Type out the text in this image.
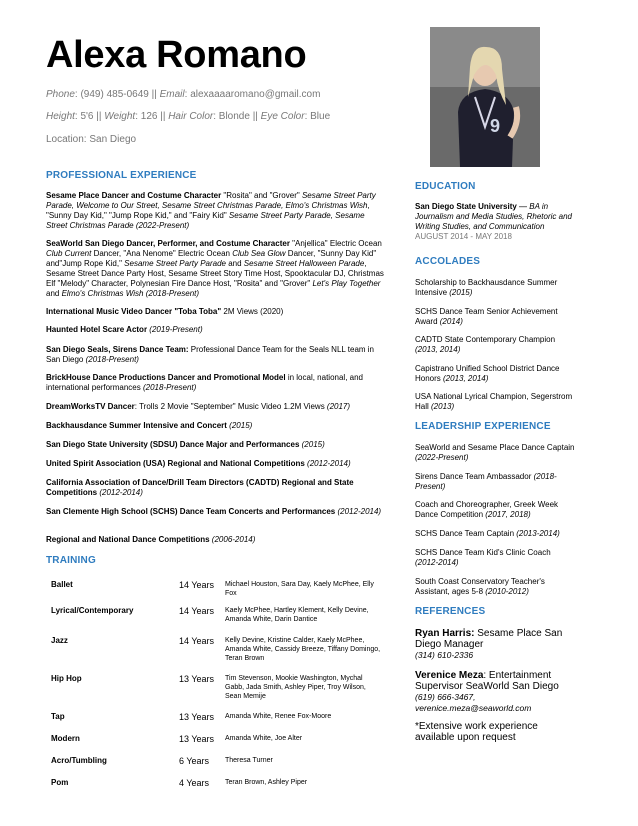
Alexa Romano
Phone: (949) 485-0649 || Email: alexaaaaromano@gmail.com
Height: 5'6 || Weight: 126 || Hair Color: Blonde || Eye Color: Blue
Location: San Diego
9
PROFESSIONAL EXPERIENCE
Sesame Place Dancer and Costume Character "Rosita" and "Grover" Sesame Street Party Parade, Welcome to Our Street, Sesame Street Christmas Parade, Elmo's Christmas Wish, "Sunny Day Kid," "Jump Rope Kid," and "Fairy Kid" Sesame Street Party Parade, Sesame Street Christmas Parade (2022-Present)
SeaWorld San Diego Dancer, Performer, and Costume Character "Anjellica" Electric Ocean Club Current Dancer, "Ana Nenome" Electric Ocean Club Sea Glow Dancer, "Sunny Day Kid" and"Jump Rope Kid," Sesame Street Party Parade and Sesame Street Halloween Parade, Sesame Street Dance Party Host, Sesame Street Story Time Host, Spooktacular DJ, Christmas Elf "Melody" Character, Polynesian Fire Dance Host, "Rosita" and "Grover" Let's Play Together and Elmo's Christmas Wish (2018-Present)
International Music Video Dancer "Toba Toba" 2M Views (2020)
Haunted Hotel Scare Actor (2019-Present)
San Diego Seals, Sirens Dance Team: Professional Dance Team for the Seals NLL team in San Diego (2018-Present)
BrickHouse Dance Productions Dancer and Promotional Model in local, national, and international performances (2018-Present)
DreamWorksTV Dancer: Trolls 2 Movie "September" Music Video 1.2M Views (2017)
Backhausdance Summer Intensive and Concert (2015)
San Diego State University (SDSU) Dance Major and Performances (2015)
United Spirit Association (USA) Regional and National Competitions (2012-2014)
California Association of Dance/Drill Team Directors (CADTD) Regional and State Competitions (2012-2014)
San Clemente High School (SCHS) Dance Team Concerts and Performances (2012-2014)
Regional and National Dance Competitions (2006-2014)
TRAINING
Ballet	14 Years	Michael Houston, Sara Day, Kaely McPhee, Elly Fox
Lyrical/Contemporary	14 Years	Kaely McPhee, Hartley Klement, Kelly Devine, Amanda White, Darin Dantice
Jazz	14 Years	Kelly Devine, Kristine Calder, Kaely McPhee, Amanda White, Cassidy Breeze, Tiffany Domingo, Teran Brown
Hip Hop	13 Years	Tim Stevenson, Mookie Washington, Mychal Gabb, Jada Smith, Ashley Piper, Troy Wilson, Sean Memije
Tap	13 Years	Amanda White, Renee Fox-Moore
Modern	13 Years	Amanda White, Joe Alter
Acro/Tumbling	6 Years	Theresa Turner
Pom	4 Years	Teran Brown, Ashley Piper
EDUCATION
San Diego State University — BA in Journalism and Media Studies, Rhetoric and Writing Studies, and Communication
AUGUST 2014 - MAY 2018
ACCOLADES
Scholarship to Backhausdance Summer Intensive (2015)
SCHS Dance Team Senior Achievement Award (2014)
CADTD State Contemporary Champion (2013, 2014)
Capistrano Unified School District Dance Honors (2013, 2014)
USA National Lyrical Champion, Segerstrom Hall (2013)
LEADERSHIP EXPERIENCE
SeaWorld and Sesame Place Dance Captain (2022-Present)
Sirens Dance Team Ambassador (2018-Present)
Coach and Choreographer, Greek Week Dance Competition (2017, 2018)
SCHS Dance Team Captain (2013-2014)
SCHS Dance Team Kid's Clinic Coach (2012-2014)
South Coast Conservatory Teacher's Assistant, ages 5-8 (2010-2012)
REFERENCES
Ryan Harris: Sesame Place San Diego Manager
(314) 610-2336
Verenice Meza: Entertainment Supervisor SeaWorld San Diego
(619) 666-3467,
verenice.meza@seaworld.com
*Extensive work experience available upon request
